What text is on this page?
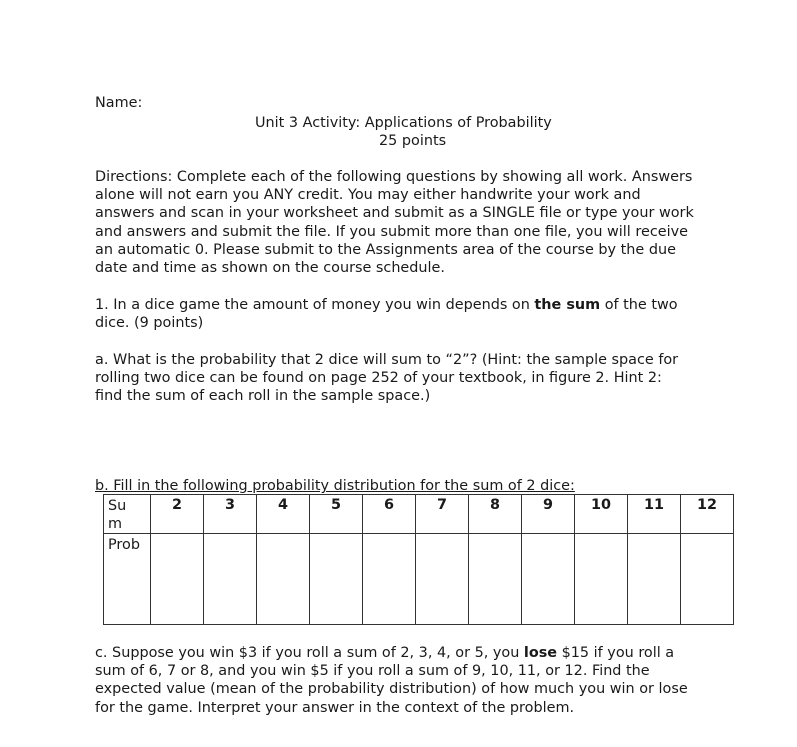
Name:
Unit 3 Activity: Applications of Probability
25 points
Directions: Complete each of the following questions by showing all work. Answers
alone will not earn you ANY credit. You may either handwrite your work and
answers and scan in your worksheet and submit as a SINGLE file or type your work
and answers and submit the file. If you submit more than one file, you will receive
an automatic 0. Please submit to the Assignments area of the course by the due
date and time as shown on the course schedule.
1. In a dice game the amount of money you win depends on the sum of the two
dice. (9 points)
a. What is the probability that 2 dice will sum to “2”? (Hint: the sample space for
rolling two dice can be found on page 252 of your textbook, in figure 2. Hint 2:
find the sum of each roll in the sample space.)
b. Fill in the following probability distribution for the sum of 2 dice:
Su
m	2	3	4	5	6	7	8	9	10	11	12
Prob											
c. Suppose you win $3 if you roll a sum of 2, 3, 4, or 5, you lose $15 if you roll a
sum of 6, 7 or 8, and you win $5 if you roll a sum of 9, 10, 11, or 12. Find the
expected value (mean of the probability distribution) of how much you win or lose
for the game. Interpret your answer in the context of the problem.
